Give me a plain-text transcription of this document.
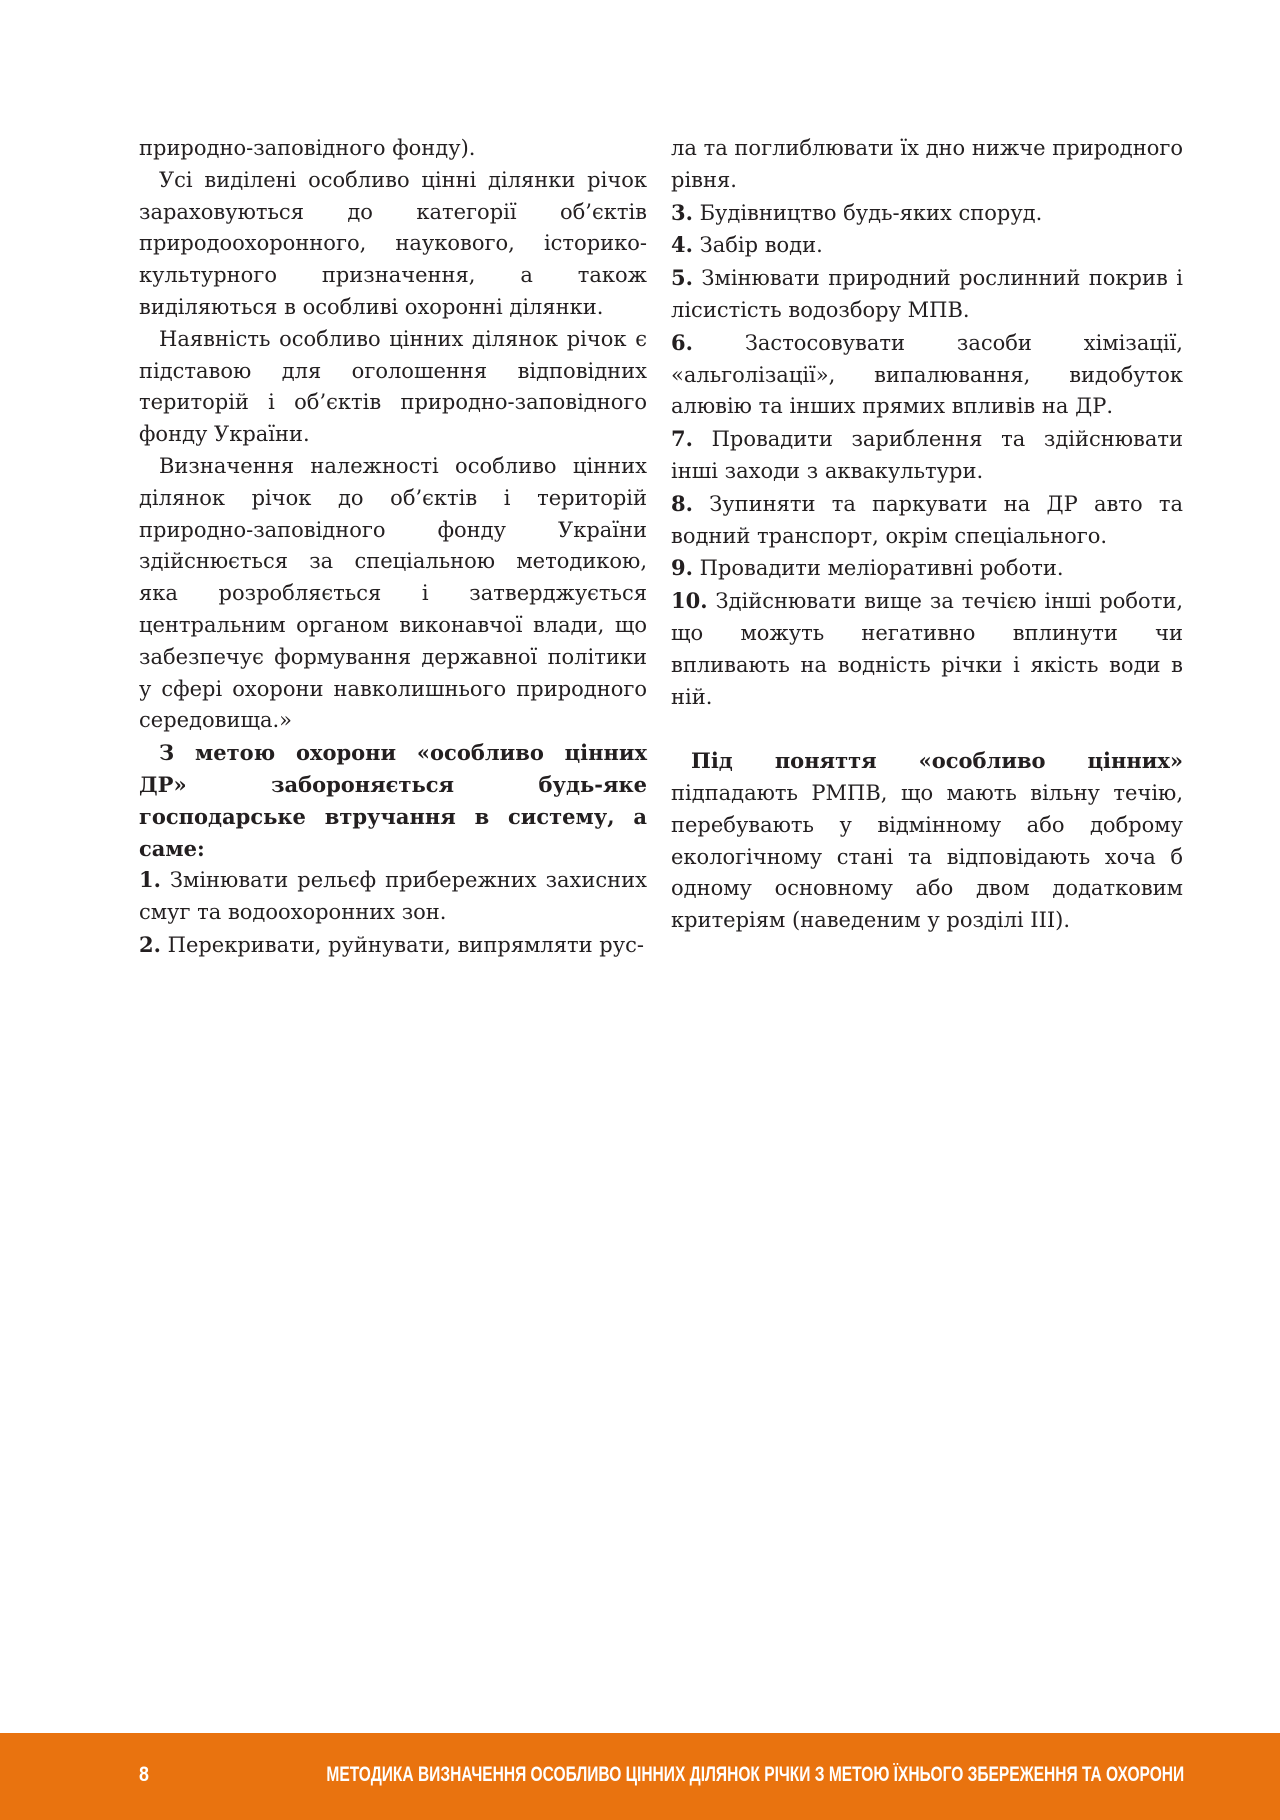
природно-заповідного фонду).

Усі виділені особливо цінні ділянки річок зараховуються до категорії об’єктів природоохоронного, наукового, історико-культурного призначення, а також виділяються в особливі охоронні ділянки.

Наявність особливо цінних ділянок річок є підставою для оголошення відповідних територій і об’єктів природно-заповідного фонду України.

Визначення належності особливо цінних ділянок річок до об’єктів і територій природно-заповідного фонду України здійснюється за спеціальною методикою, яка розробляється і затверджується центральним органом виконавчої влади, що забезпечує формування державної політики у сфері охорони навколишнього природного середовища.»

З метою охорони «особливо цінних ДР» забороняється будь-яке господарське втручання в систему, а саме:

1. Змінювати рельєф прибережних захисних смуг та водоохоронних зон.

2. Перекривати, руйнувати, випрямляти рус-

ла та поглиблювати їх дно нижче природного рівня.

3. Будівництво будь-яких споруд.

4. Забір води.

5. Змінювати природний рослинний покрив і лісистість водозбору МПВ.

6. Застосовувати засоби хімізації, «альголізації», випалювання, видобуток алювію та інших прямих впливів на ДР.

7. Провадити зариблення та здійснювати інші заходи з аквакультури.

8. Зупиняти та паркувати на ДР авто та водний транспорт, окрім спеціального.

9. Провадити меліоративні роботи.

10. Здійснювати вище за течією інші роботи, що можуть негативно вплинути чи впливають на водність річки і якість води в ній.

Під поняття «особливо цінних» підпадають РМПВ, що мають вільну течію, перебувають у відмінному або доброму екологічному стані та відповідають хоча б одному основному або двом додатковим критеріям (наведеним у розділі ІІІ).

8	МЕТОДИКА ВИЗНАЧЕННЯ ОСОБЛИВО ЦІННИХ ДІЛЯНОК РІЧКИ З МЕТОЮ ЇХНЬОГО ЗБЕРЕЖЕННЯ ТА ОХОРОНИ
